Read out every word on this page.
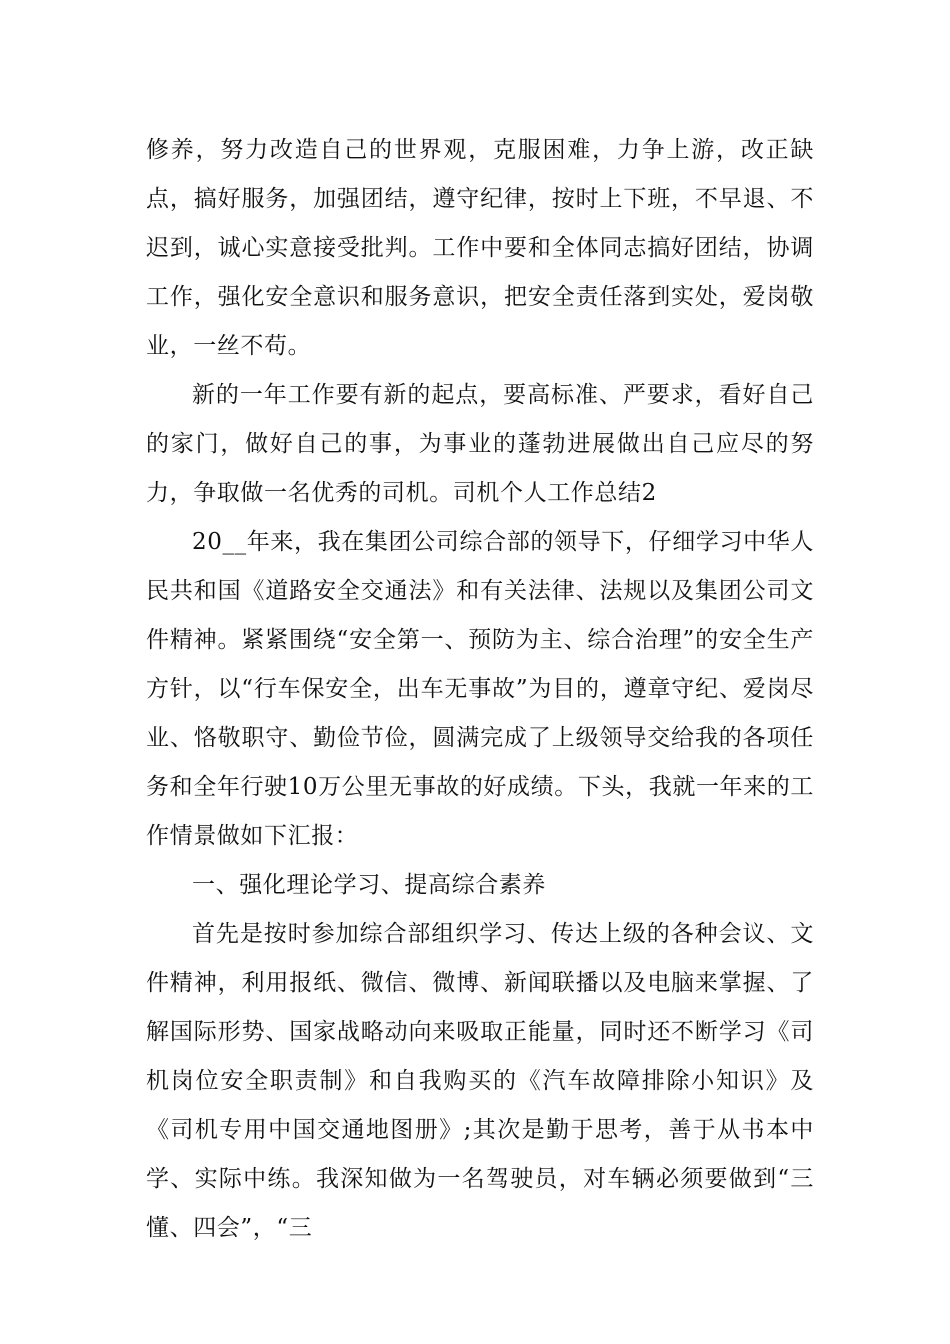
修养，努力改造自己的世界观，克服困难，力争上游，改正缺点，搞好服务，加强团结，遵守纪律，按时上下班，不早退、不迟到，诚心实意接受批判。工作中要和全体同志搞好团结，协调工作，强化安全意识和服务意识，把安全责任落到实处，爱岗敬业，一丝不苟。

新的一年工作要有新的起点，要高标准、严要求，看好自己的家门，做好自己的事，为事业的蓬勃进展做出自己应尽的努力，争取做一名优秀的司机。司机个人工作总结2

20__年来，我在集团公司综合部的领导下，仔细学习中华人民共和国《道路安全交通法》和有关法律、法规以及集团公司文件精神。紧紧围绕“安全第一、预防为主、综合治理”的安全生产方针，以“行车保安全，出车无事故”为目的，遵章守纪、爱岗尽业、恪敬职守、勤俭节俭，圆满完成了上级领导交给我的各项任务和全年行驶10万公里无事故的好成绩。下头，我就一年来的工作情景做如下汇报：

一、强化理论学习、提高综合素养

首先是按时参加综合部组织学习、传达上级的各种会议、文件精神，利用报纸、微信、微博、新闻联播以及电脑来掌握、了解国际形势、国家战略动向来吸取正能量，同时还不断学习《司机岗位安全职责制》和自我购买的《汽车故障排除小知识》及《司机专用中国交通地图册》;其次是勤于思考，善于从书本中学、实际中练。我深知做为一名驾驶员，对车辆必须要做到“三懂、四会”，“三
